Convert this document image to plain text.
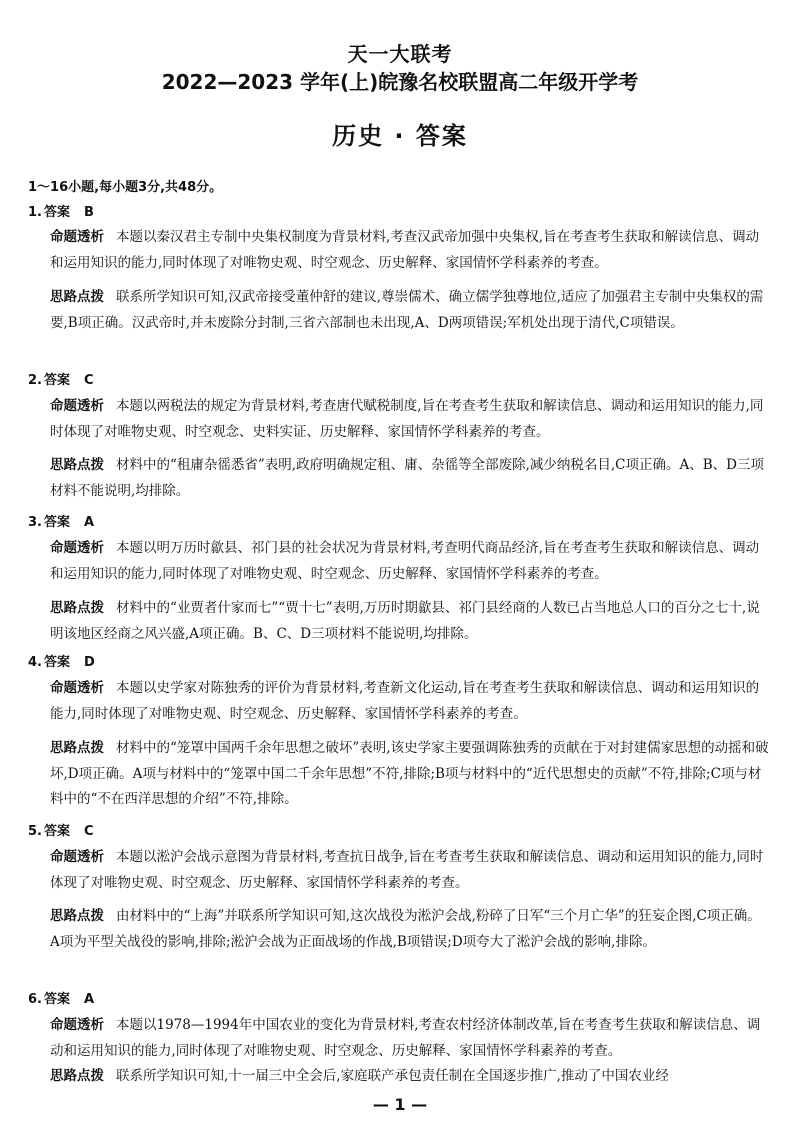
天一大联考
2022—2023 学年(上)皖豫名校联盟高二年级开学考
历史 · 答案
1～16小题,每小题3分,共48分。
1. 答案 B
命题透析 本题以秦汉君主专制中央集权制度为背景材料,考查汉武帝加强中央集权,旨在考查考生获取和解读信息、调动和运用知识的能力,同时体现了对唯物史观、时空观念、历史解释、家国情怀学科素养的考查。
思路点拨 联系所学知识可知,汉武帝接受董仲舒的建议,尊崇儒术、确立儒学独尊地位,适应了加强君主专制中央集权的需要,B项正确。汉武帝时,并未废除分封制,三省六部制也未出现,A、D两项错误;军机处出现于清代,C项错误。
2. 答案 C
命题透析 本题以两税法的规定为背景材料,考查唐代赋税制度,旨在考查考生获取和解读信息、调动和运用知识的能力,同时体现了对唯物史观、时空观念、史料实证、历史解释、家国情怀学科素养的考查。
思路点拨 材料中的“租庸杂徭悉省”表明,政府明确规定租、庸、杂徭等全部废除,减少纳税名目,C项正确。A、B、D三项材料不能说明,均排除。
3. 答案 A
命题透析 本题以明万历时歙县、祁门县的社会状况为背景材料,考查明代商品经济,旨在考查考生获取和解读信息、调动和运用知识的能力,同时体现了对唯物史观、时空观念、历史解释、家国情怀学科素养的考查。
思路点拨 材料中的“业贾者什家而七”“贾十七”表明,万历时期歙县、祁门县经商的人数已占当地总人口的百分之七十,说明该地区经商之风兴盛,A项正确。B、C、D三项材料不能说明,均排除。
4. 答案 D
命题透析 本题以史学家对陈独秀的评价为背景材料,考查新文化运动,旨在考查考生获取和解读信息、调动和运用知识的能力,同时体现了对唯物史观、时空观念、历史解释、家国情怀学科素养的考查。
思路点拨 材料中的“笼罩中国两千余年思想之破坏”表明,该史学家主要强调陈独秀的贡献在于对封建儒家思想的动摇和破坏,D项正确。A项与材料中的“笼罩中国二千余年思想”不符,排除;B项与材料中的“近代思想史的贡献”不符,排除;C项与材料中的“不在西洋思想的介绍”不符,排除。
5. 答案 C
命题透析 本题以淞沪会战示意图为背景材料,考查抗日战争,旨在考查考生获取和解读信息、调动和运用知识的能力,同时体现了对唯物史观、时空观念、历史解释、家国情怀学科素养的考查。
思路点拨 由材料中的“上海”并联系所学知识可知,这次战役为淞沪会战,粉碎了日军“三个月亡华”的狂妄企图,C项正确。A项为平型关战役的影响,排除;淞沪会战为正面战场的作战,B项错误;D项夸大了淞沪会战的影响,排除。
6. 答案 A
命题透析 本题以1978—1994年中国农业的变化为背景材料,考查农村经济体制改革,旨在考查考生获取和解读信息、调动和运用知识的能力,同时体现了对唯物史观、时空观念、历史解释、家国情怀学科素养的考查。
思路点拨 联系所学知识可知,十一届三中全会后,家庭联产承包责任制在全国逐步推广,推动了中国农业经
— 1 —
